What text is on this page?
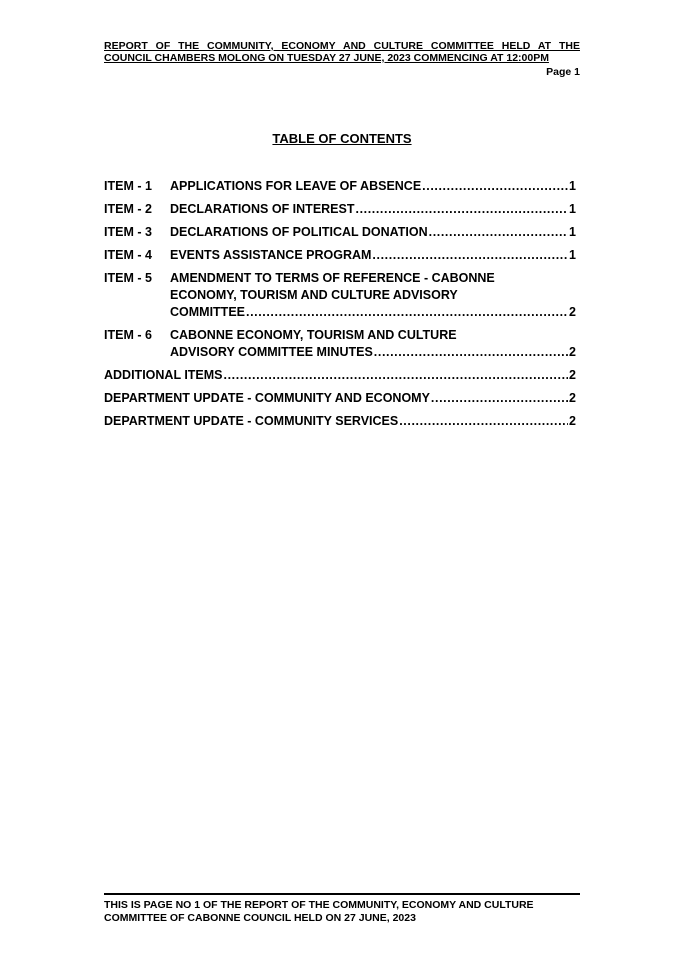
REPORT OF THE COMMUNITY, ECONOMY AND CULTURE COMMITTEE HELD AT THE COUNCIL CHAMBERS MOLONG ON TUESDAY 27 JUNE, 2023 COMMENCING AT 12:00PM
Page 1
TABLE OF CONTENTS
ITEM - 1 APPLICATIONS FOR LEAVE OF ABSENCE .....	1
ITEM - 2 DECLARATIONS OF INTEREST .....	1
ITEM - 3 DECLARATIONS OF POLITICAL DONATION .....	1
ITEM - 4 EVENTS ASSISTANCE PROGRAM .....	1
ITEM - 5 AMENDMENT TO TERMS OF REFERENCE - CABONNE
ECONOMY, TOURISM AND CULTURE ADVISORY
COMMITTEE .....	2
ITEM - 6 CABONNE ECONOMY, TOURISM AND CULTURE
ADVISORY COMMITTEE MINUTES .....	2
ADDITIONAL ITEMS .....	2
DEPARTMENT UPDATE - COMMUNITY AND ECONOMY .....	2
DEPARTMENT UPDATE - COMMUNITY SERVICES .....	2
THIS IS PAGE NO 1 OF THE REPORT OF THE COMMUNITY, ECONOMY AND CULTURE COMMITTEE OF CABONNE COUNCIL HELD ON 27 JUNE, 2023
